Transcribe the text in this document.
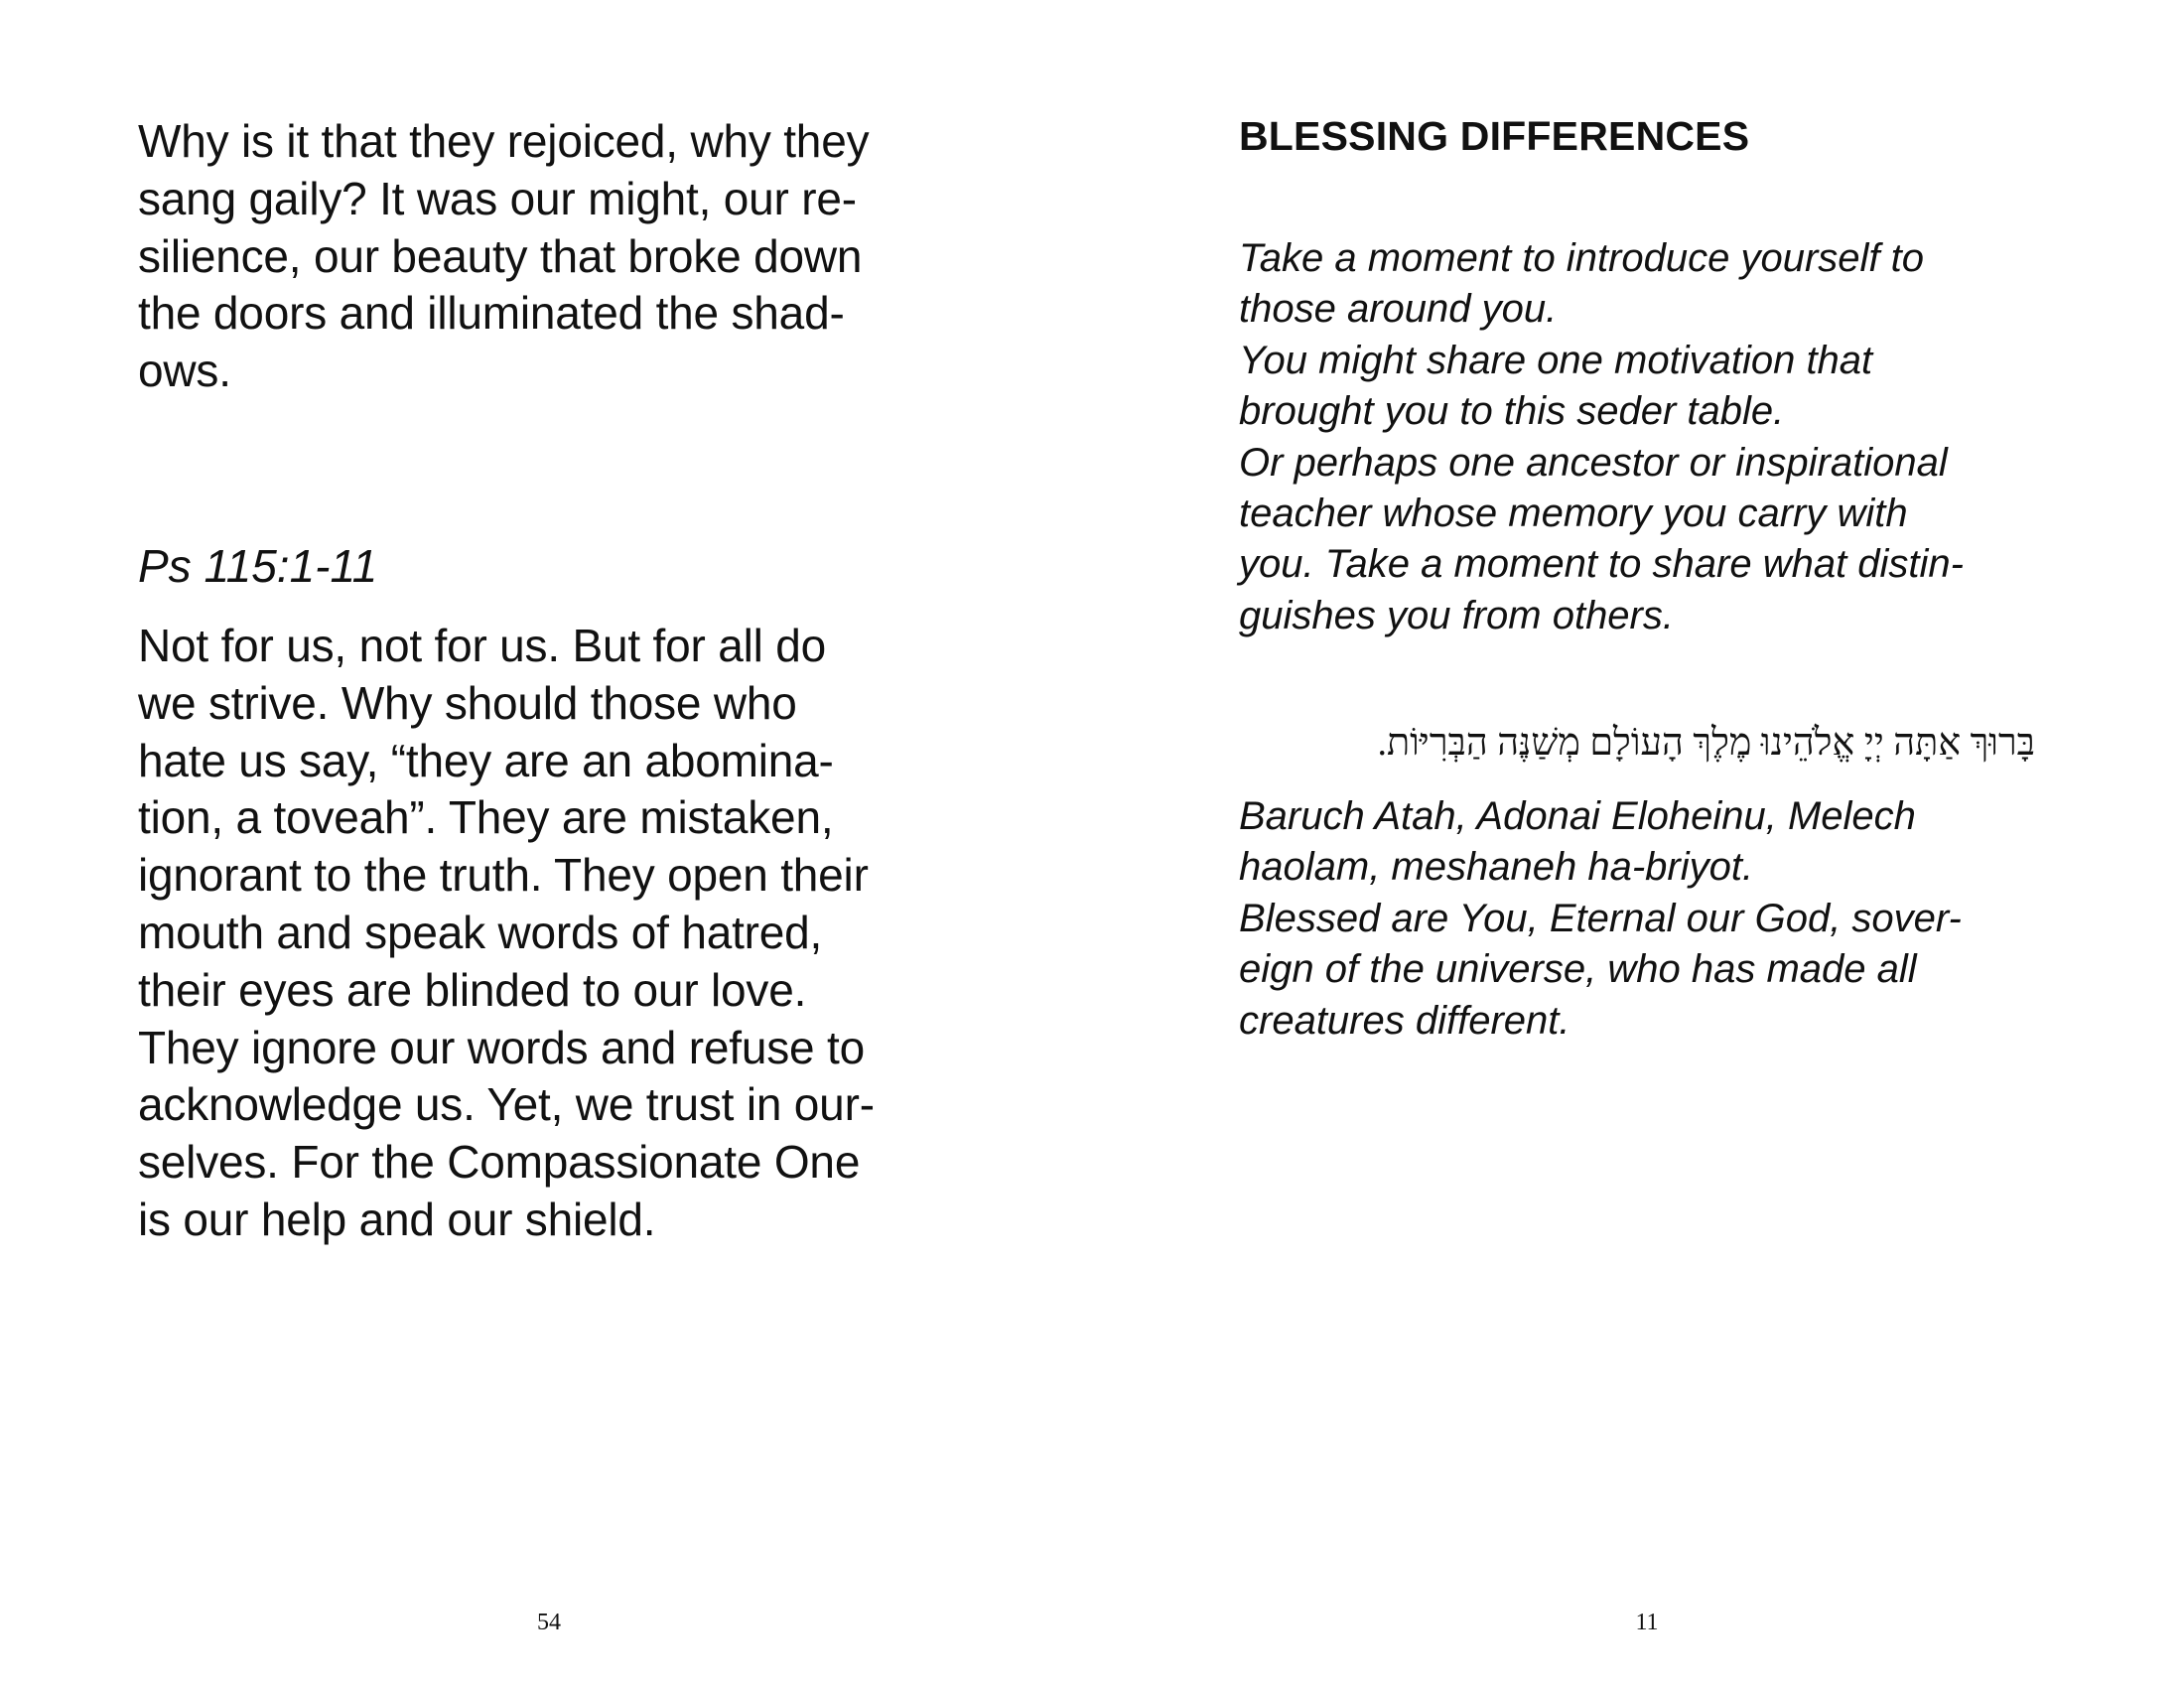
Why is it that they rejoiced, why they
sang gaily? It was our might, our re-
silience, our beauty that broke down
the doors and illuminated the shad-
ows.
Ps 115:1-11
Not for us, not for us. But for all do
we strive. Why should those who
hate us say, “they are an abomina-
tion, a toveah”. They are mistaken,
ignorant to the truth. They open their
mouth and speak words of hatred,
their eyes are blinded to our love.
They ignore our words and refuse to
acknowledge us. Yet, we trust in our-
selves. For the Compassionate One
is our help and our shield.
54
BLESSING DIFFERENCES
Take a moment to introduce yourself to
those around you.
You might share one motivation that
brought you to this seder table.
Or perhaps one ancestor or inspirational
teacher whose memory you carry with
you. Take a moment to share what distin-
guishes you from others.
בָּרוּךְ אַתָּה יְיָ אֱלֹהֵינוּ מֶלֶךְ הָעוֹלָם מְשַׁנֶּה הַבְּרִיּוֹת.
Baruch Atah, Adonai Eloheinu, Melech
haolam, meshaneh ha-briyot.
Blessed are You, Eternal our God, sover-
eign of the universe, who has made all
creatures different.
11
